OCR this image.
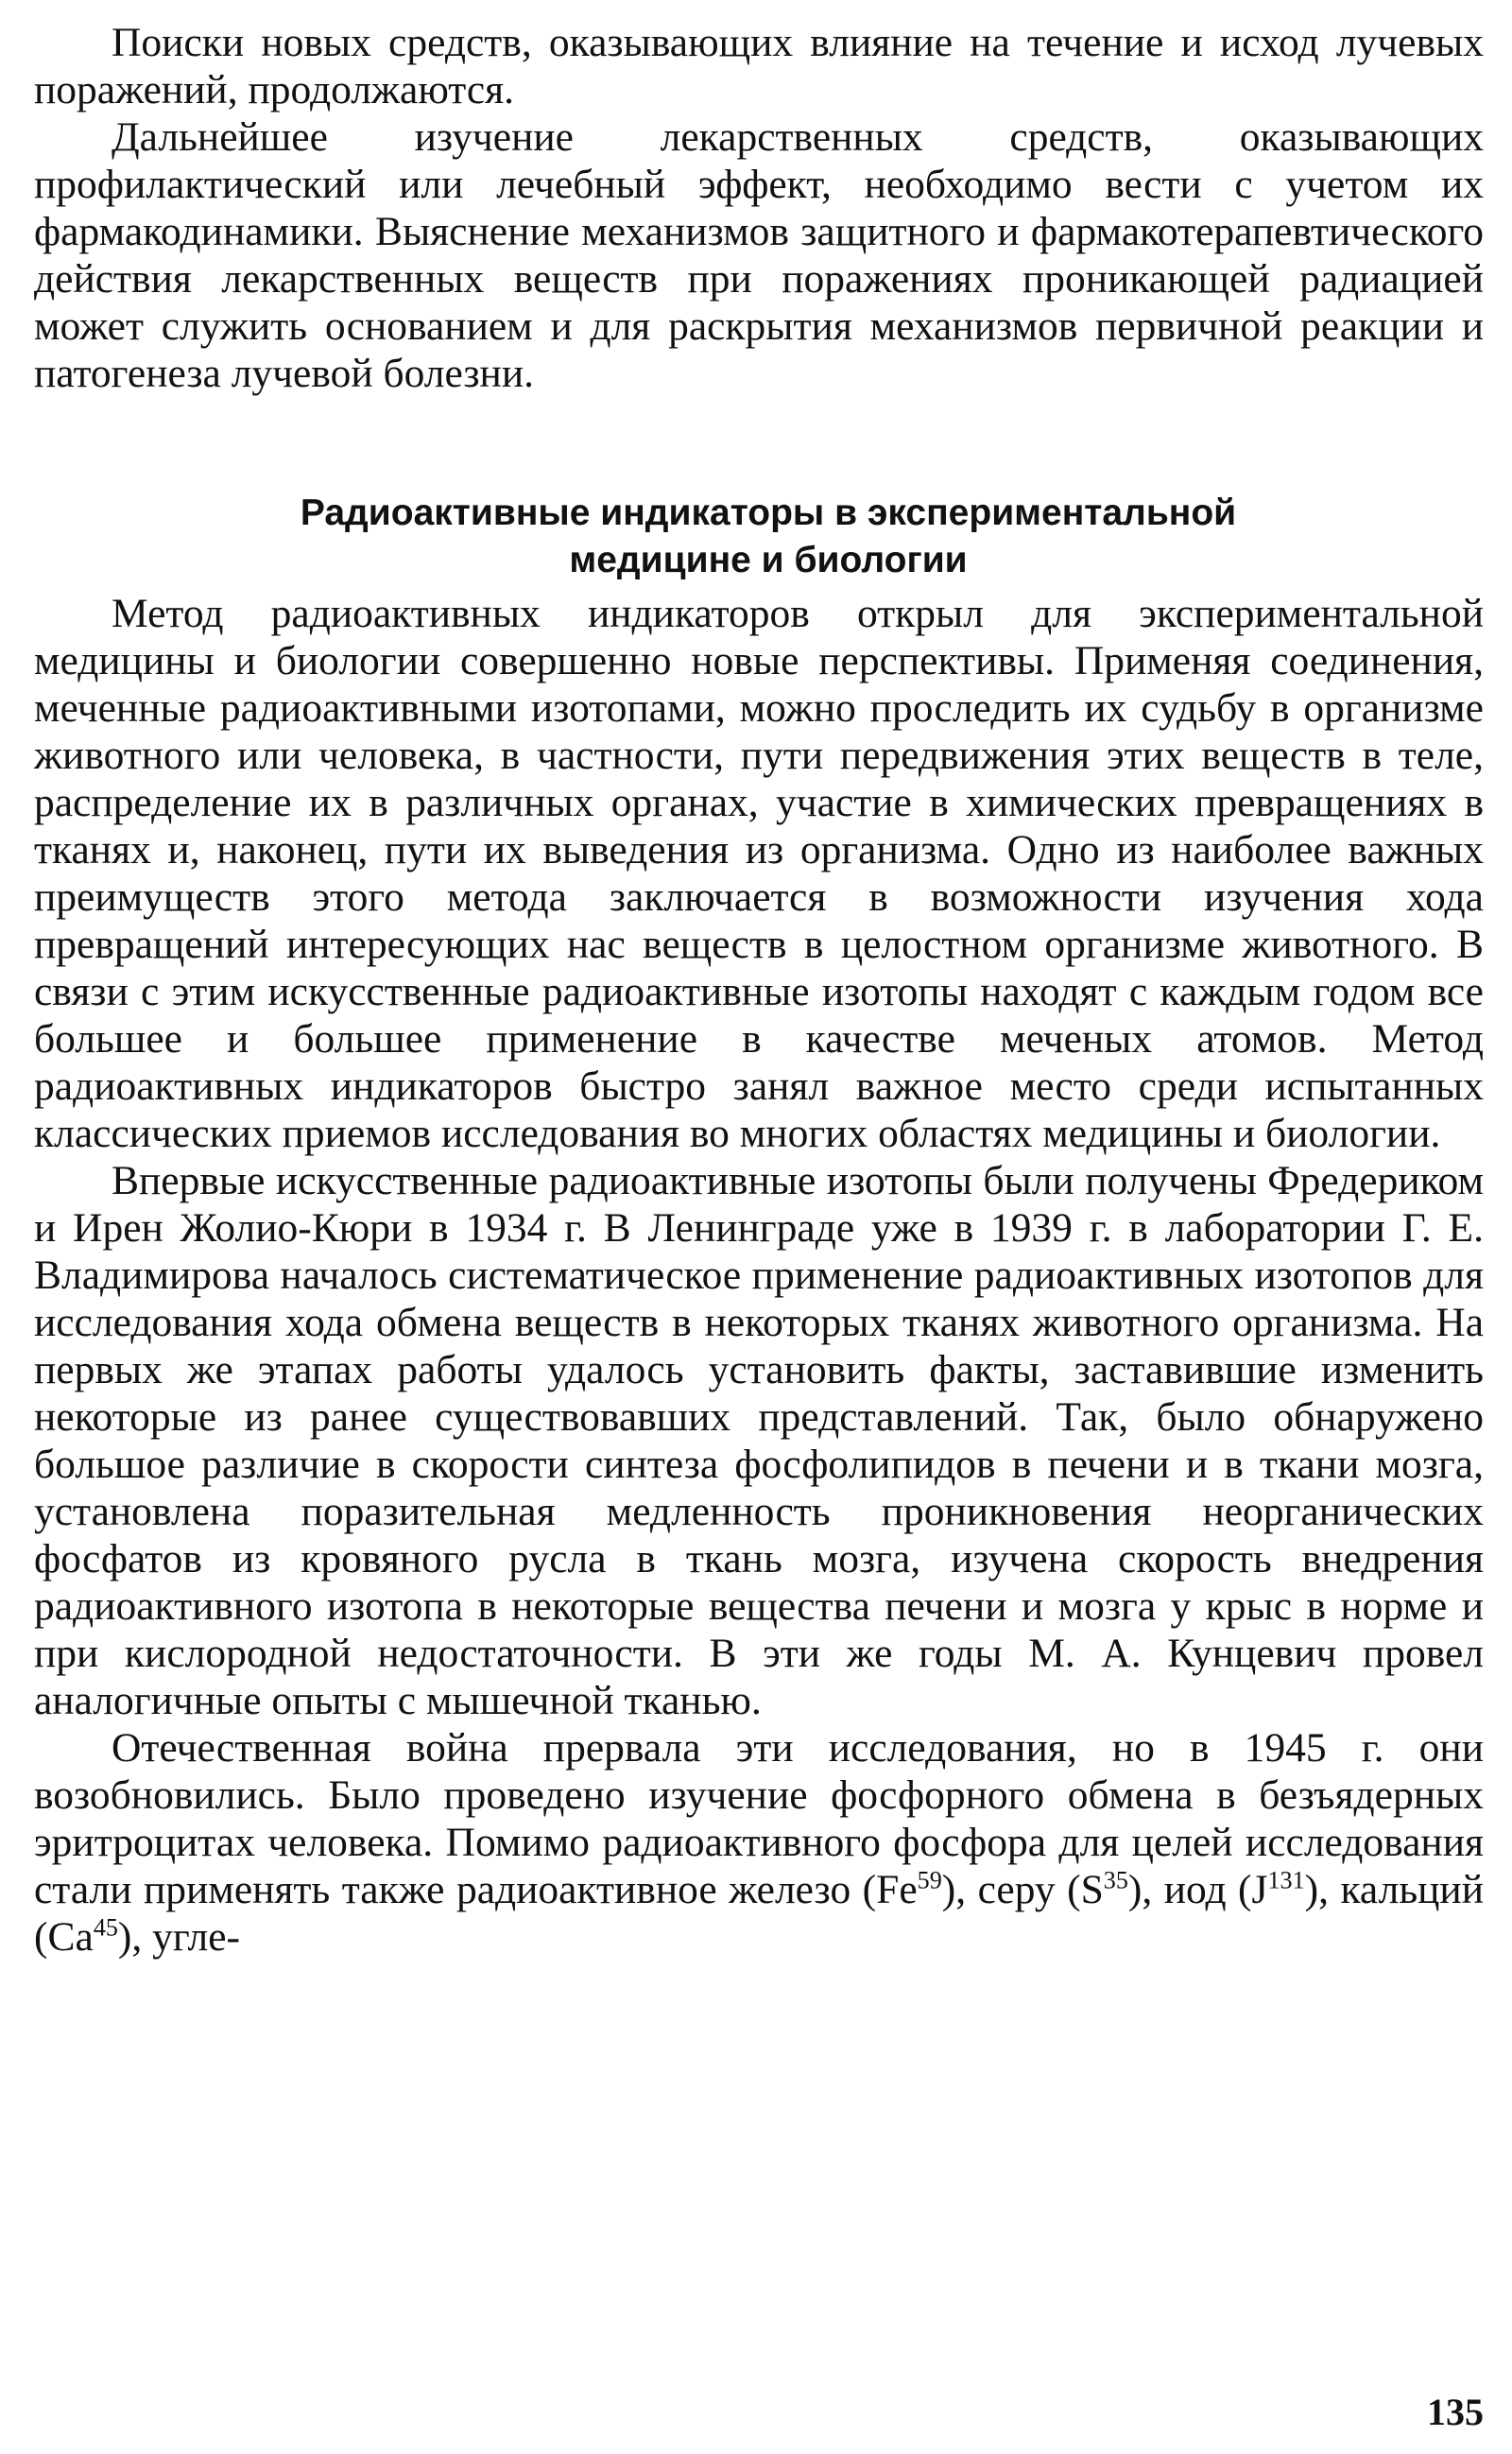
Поиски новых средств, оказывающих влияние на течение и исход лучевых поражений, продолжаются.

Дальнейшее изучение лекарственных средств, оказывающих профилактический или лечебный эффект, необходимо вести с учетом их фармакодинамики. Выяснение механизмов защитного и фармакотерапевтического действия лекарственных веществ при поражениях проникающей радиацией может служить основанием и для раскрытия механизмов первичной реакции и патогенеза лучевой болезни.

Радиоактивные индикаторы в экспериментальной
медицине и биологии

Метод радиоактивных индикаторов открыл для экспериментальной медицины и биологии совершенно новые перспективы. Применяя соединения, меченные радиоактивными изотопами, можно проследить их судьбу в организме животного или человека, в частности, пути передвижения этих веществ в теле, распределение их в различных органах, участие в химических превращениях в тканях и, наконец, пути их выведения из организма. Одно из наиболее важных преимуществ этого метода заключается в возможности изучения хода превращений интересующих нас веществ в целостном организме животного. В связи с этим искусственные радиоактивные изотопы находят с каждым годом все большее и большее применение в качестве меченых атомов. Метод радиоактивных индикаторов быстро занял важное место среди испытанных классических приемов исследования во многих областях медицины и биологии.

Впервые искусственные радиоактивные изотопы были получены Фредериком и Ирен Жолио-Кюри в 1934 г. В Ленинграде уже в 1939 г. в лаборатории Г. Е. Владимирова началось систематическое применение радиоактивных изотопов для исследования хода обмена веществ в некоторых тканях животного организма. На первых же этапах работы удалось установить факты, заставившие изменить некоторые из ранее существовавших представлений. Так, было обнаружено большое различие в скорости синтеза фосфолипидов в печени и в ткани мозга, установлена поразительная медленность проникновения неорганических фосфатов из кровяного русла в ткань мозга, изучена скорость внедрения радиоактивного изотопа в некоторые вещества печени и мозга у крыс в норме и при кислородной недостаточности. В эти же годы М. А. Кунцевич провел аналогичные опыты с мышечной тканью.

Отечественная война прервала эти исследования, но в 1945 г. они возобновились. Было проведено изучение фосфорного обмена в безъядерных эритроцитах человека. Помимо радиоактивного фосфора для целей исследования стали применять также радиоактивное железо (Fe$^{59}$), серу $(S^{35})$, иод $(J^{131})$, кальций (Ca$^{45}$), угле-

135
